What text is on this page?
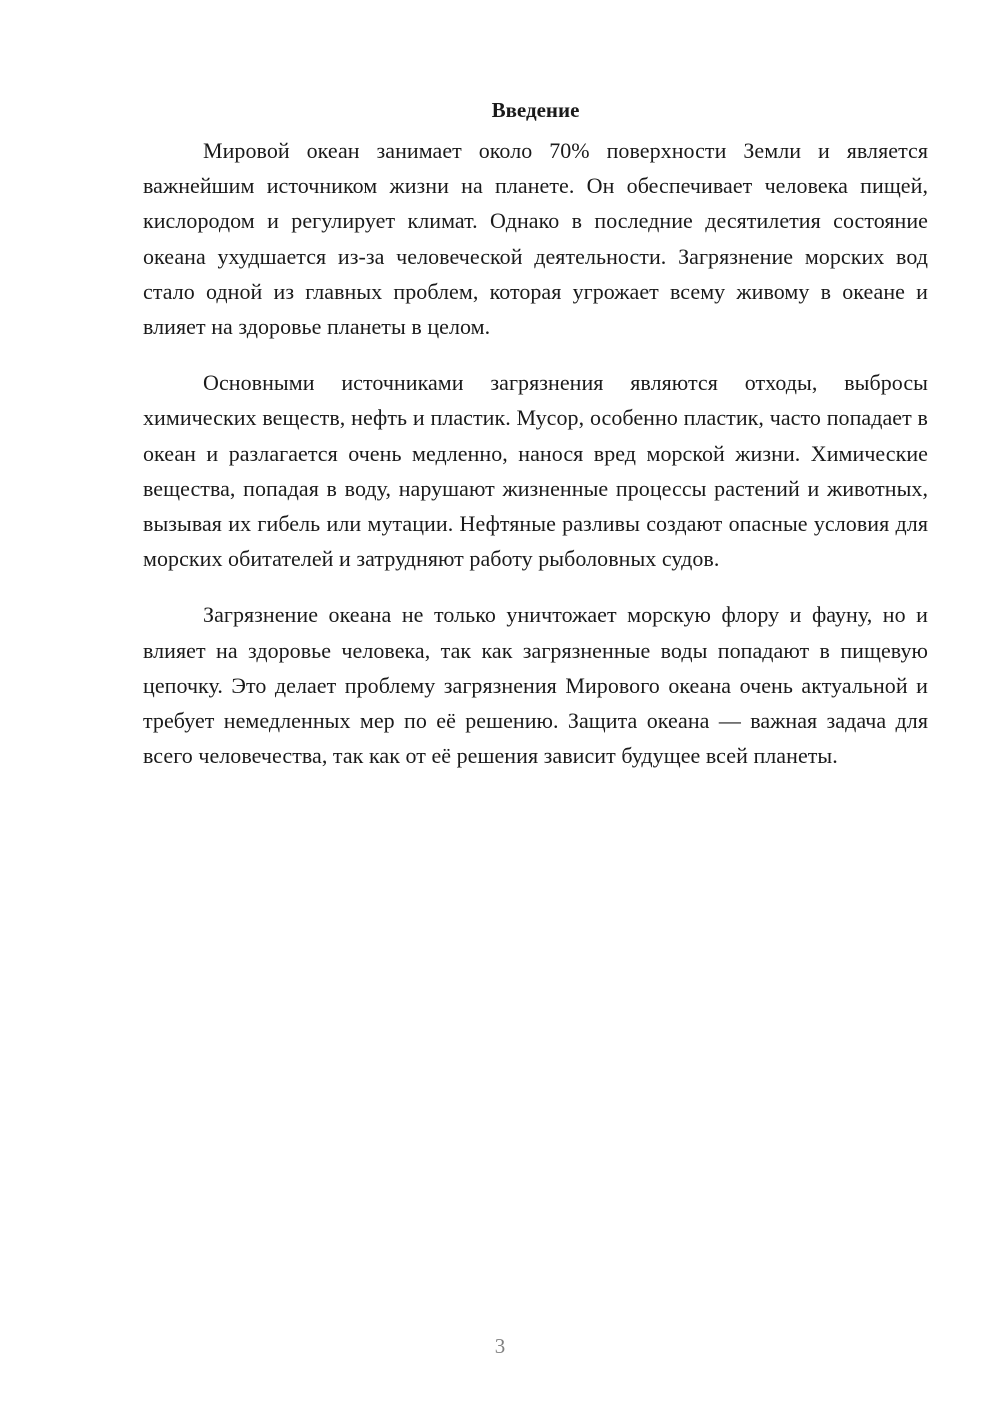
Введение

Мировой океан занимает около 70% поверхности Земли и является важнейшим источником жизни на планете. Он обеспечивает человека пищей, кислородом и регулирует климат. Однако в последние десятилетия состояние океана ухудшается из-за человеческой деятельности. Загрязнение морских вод стало одной из главных проблем, которая угрожает всему живому в океане и влияет на здоровье планеты в целом.

Основными источниками загрязнения являются отходы, выбросы химических веществ, нефть и пластик. Мусор, особенно пластик, часто попадает в океан и разлагается очень медленно, нанося вред морской жизни. Химические вещества, попадая в воду, нарушают жизненные процессы растений и животных, вызывая их гибель или мутации. Нефтяные разливы создают опасные условия для морских обитателей и затрудняют работу рыболовных судов.

Загрязнение океана не только уничтожает морскую флору и фауну, но и влияет на здоровье человека, так как загрязненные воды попадают в пищевую цепочку. Это делает проблему загрязнения Мирового океана очень актуальной и требует немедленных мер по её решению. Защита океана — важная задача для всего человечества, так как от её решения зависит будущее всей планеты.

3
